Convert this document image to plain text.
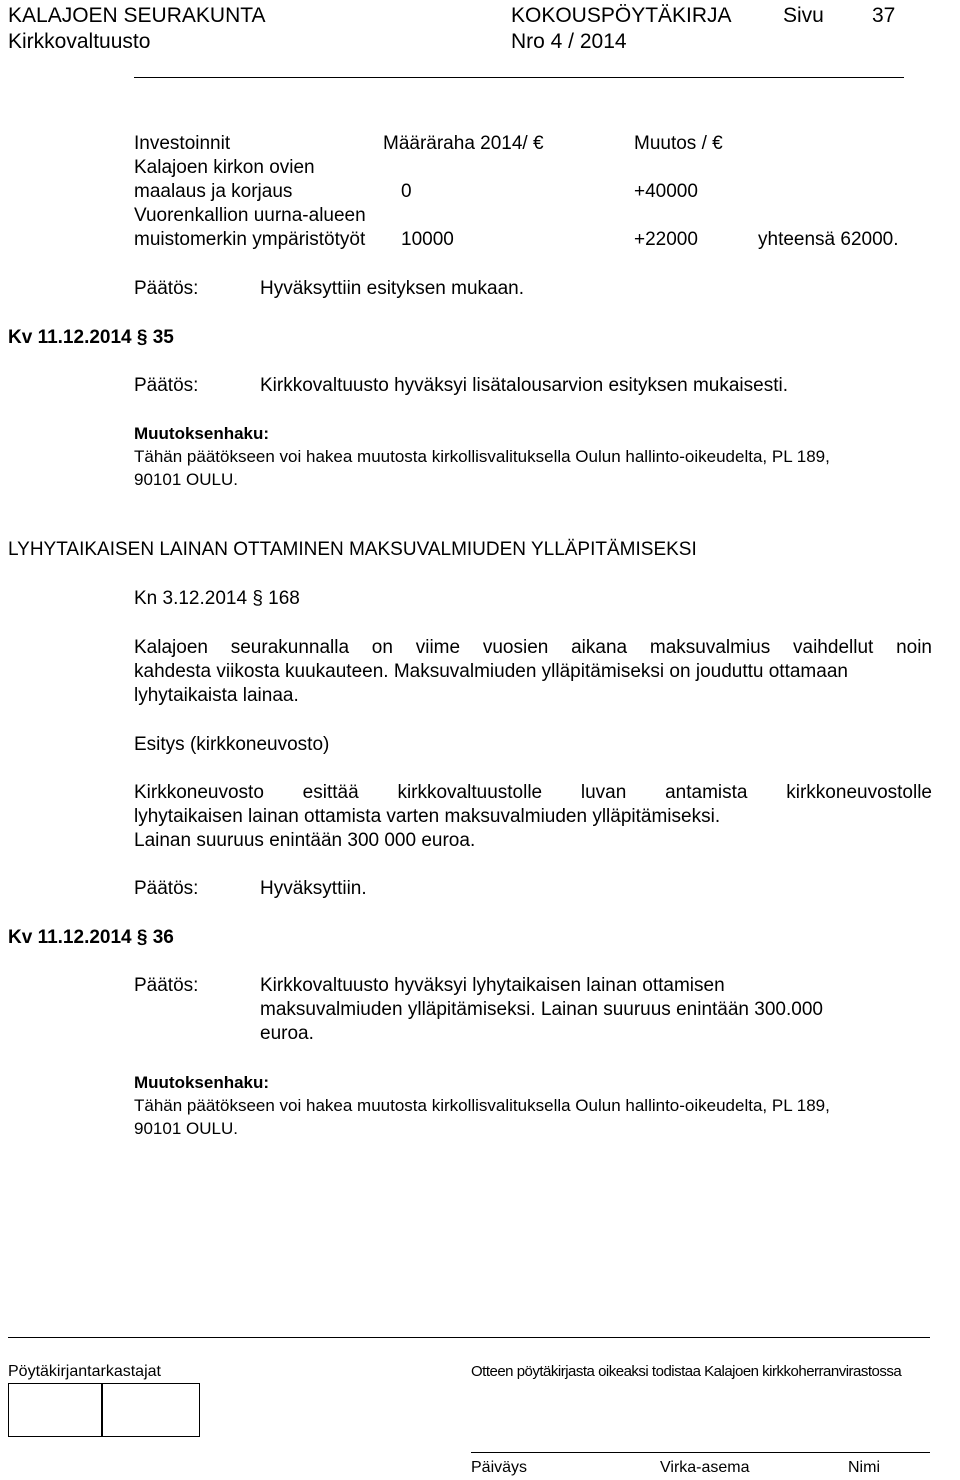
KALAJOEN SEURAKUNTA
Kirkkovaltuusto
KOKOUSPÖYTÄKIRJA
Nro 4 / 2014
Sivu 37
Investoinnit	Määräraha 2014/ €	Muutos / €
Kalajoen kirkon ovien
maalaus ja korjaus	0	+40000
Vuorenkallion uurna-alueen
muistomerkin ympäristötyöt 10000	+22000	yhteensä 62000.
Päätös:	Hyväksyttiin esityksen mukaan.
Kv 11.12.2014 § 35
Päätös:	Kirkkovaltuusto hyväksyi lisätalousarvion esityksen mukaisesti.
Muutoksenhaku:
Tähän päätökseen voi hakea muutosta kirkollisvalituksella Oulun hallinto-oikeudelta, PL 189,
90101 OULU.
LYHYTAIKAISEN LAINAN OTTAMINEN MAKSUVALMIUDEN YLLÄPITÄMISEKSI
Kn 3.12.2014 § 168
Kalajoen seurakunnalla on viime vuosien aikana maksuvalmius vaihdellut noin
kahdesta viikosta kuukauteen. Maksuvalmiuden ylläpitämiseksi on jouduttu ottamaan
lyhytaikaista lainaa.
Esitys (kirkkoneuvosto)
Kirkkoneuvosto esittää kirkkovaltuustolle luvan antamista kirkkoneuvostolle
lyhytaikaisen lainan ottamista varten maksuvalmiuden ylläpitämiseksi.
Lainan suuruus enintään 300 000 euroa.
Päätös:	Hyväksyttiin.
Kv 11.12.2014 § 36
Päätös:	Kirkkovaltuusto hyväksyi lyhytaikaisen lainan ottamisen
maksuvalmiuden ylläpitämiseksi. Lainan suuruus enintään 300.000
euroa.
Muutoksenhaku:
Tähän päätökseen voi hakea muutosta kirkollisvalituksella Oulun hallinto-oikeudelta, PL 189,
90101 OULU.
Pöytäkirjantarkastajat	Otteen pöytäkirjasta oikeaksi todistaa Kalajoen kirkkoherranvirastossa
Päiväys	Virka-asema	Nimi
